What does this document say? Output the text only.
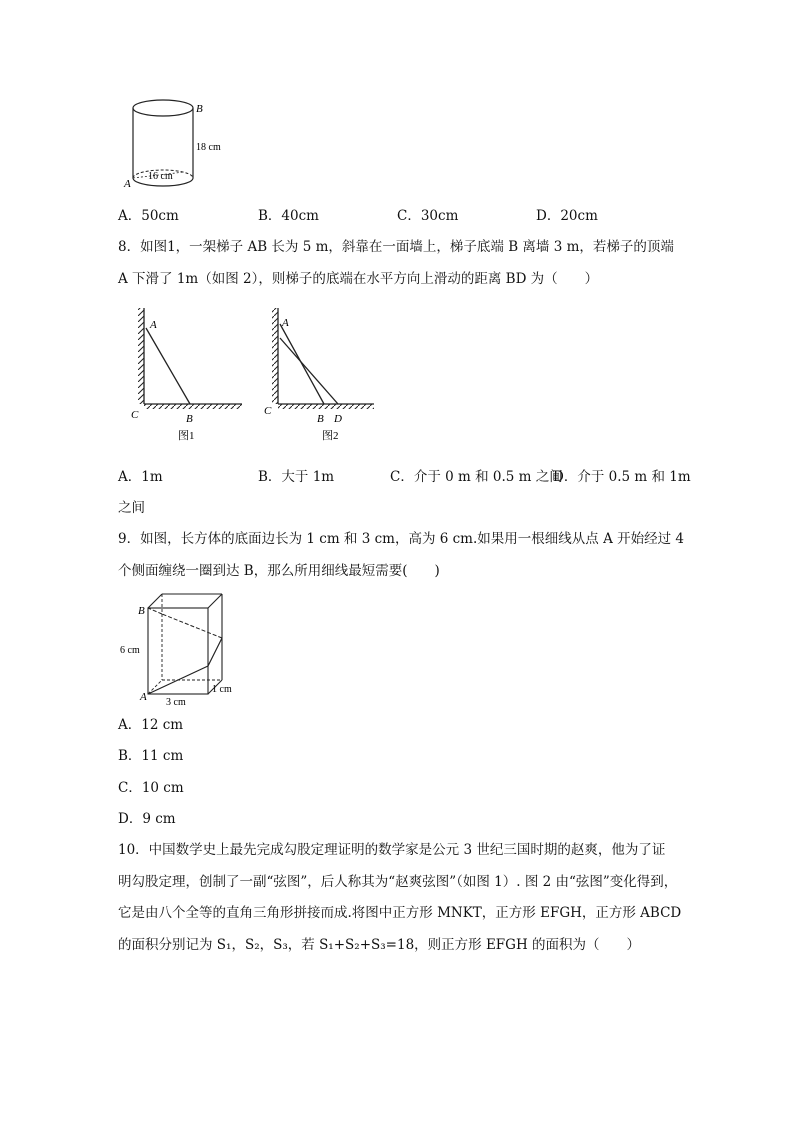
B
A
18 cm
16 cm
A．50cm	B．40cm	C．30cm	D．20cm
8．如图1，一架梯子 AB 长为 5 m，斜靠在一面墙上，梯子底端 B 离墙 3 m，若梯子的顶端
A 下滑了 1m（如图 2），则梯子的底端在水平方向上滑动的距离 BD 为（　　）
A
B
C
图1
A
B D
C
图2
A．1m	B．大于 1m	C．介于 0 m 和 0.5 m 之间
D．介于 0.5 m 和 1m
之间
9．如图，长方体的底面边长为 1 cm 和 3 cm，高为 6 cm.如果用一根细线从点 A 开始经过 4
个侧面缠绕一圈到达 B，那么所用细线最短需要(　　)
B
A
6 cm
3 cm
1 cm
A．12 cm
B．11 cm
C．10 cm
D．9 cm
10．中国数学史上最先完成勾股定理证明的数学家是公元 3 世纪三国时期的赵爽，他为了证
明勾股定理，创制了一副“弦图”，后人称其为“赵爽弦图”（如图 1）. 图 2 由“弦图”变化得到，
它是由八个全等的直角三角形拼接而成.将图中正方形 MNKT，正方形 EFGH，正方形 ABCD
的面积分别记为 S₁，S₂，S₃，若 S₁+S₂+S₃=18，则正方形 EFGH 的面积为（　　）
